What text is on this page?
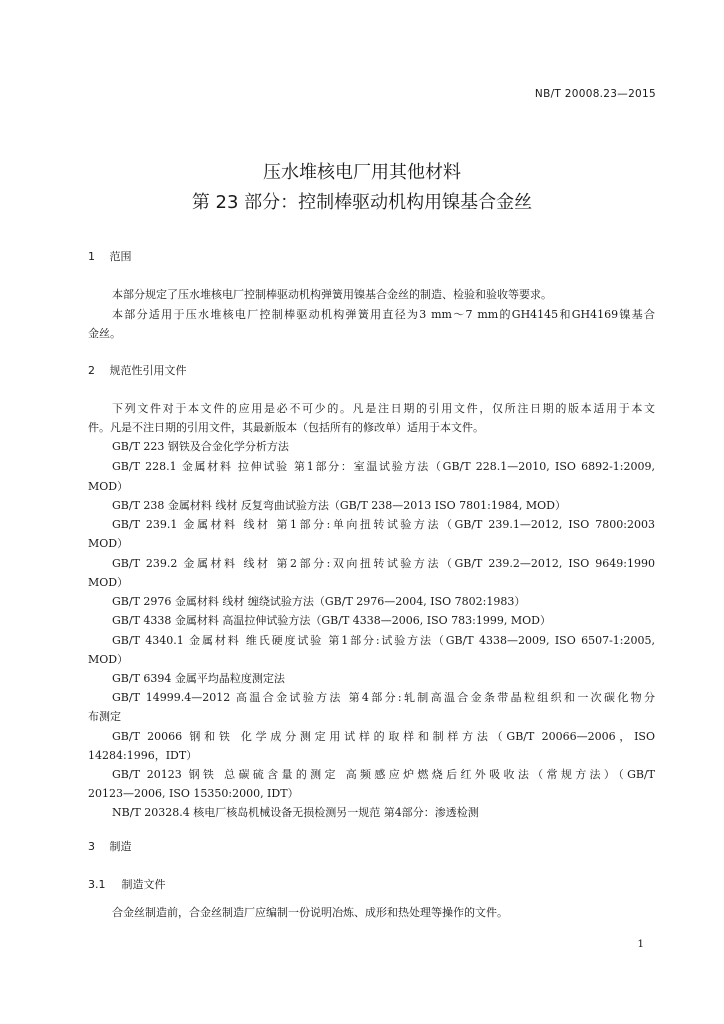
NB/T 20008.23—2015
压水堆核电厂用其他材料
第 23 部分：控制棒驱动机构用镍基合金丝
1 范围
本部分规定了压水堆核电厂控制棒驱动机构弹簧用镍基合金丝的制造、检验和验收等要求。
本部分适用于压水堆核电厂控制棒驱动机构弹簧用直径为3 mm～7 mm的GH4145和GH4169镍基合
金丝。
2 规范性引用文件
下列文件对于本文件的应用是必不可少的。凡是注日期的引用文件，仅所注日期的版本适用于本文
件。凡是不注日期的引用文件，其最新版本（包括所有的修改单）适用于本文件。
GB/T 223 钢铁及合金化学分析方法
GB/T 228.1 金属材料 拉伸试验 第1部分：室温试验方法（GB/T 228.1—2010, ISO 6892-1:2009,
MOD）
GB/T 238 金属材料 线材 反复弯曲试验方法（GB/T 238—2013 ISO 7801:1984, MOD）
GB/T 239.1 金属材料 线材 第1部分:单向扭转试验方法（GB/T 239.1—2012, ISO 7800:2003
MOD）
GB/T 239.2 金属材料 线材 第2部分:双向扭转试验方法（GB/T 239.2—2012, ISO 9649:1990
MOD）
GB/T 2976 金属材料 线材 缠绕试验方法（GB/T 2976—2004, ISO 7802:1983）
GB/T 4338 金属材料 高温拉伸试验方法（GB/T 4338—2006, ISO 783:1999, MOD）
GB/T 4340.1 金属材料 维氏硬度试验 第1部分:试验方法（GB/T 4338—2009, ISO 6507-1:2005,
MOD）
GB/T 6394 金属平均晶粒度测定法
GB/T 14999.4—2012 高温合金试验方法 第4部分:轧制高温合金条带晶粒组织和一次碳化物分
布测定
GB/T 20066 钢和铁 化学成分测定用试样的取样和制样方法（GB/T 20066—2006，ISO
14284:1996，IDT）
GB/T 20123 钢铁 总碳硫含量的测定 高频感应炉燃烧后红外吸收法（常规方法）（GB/T
20123—2006, ISO 15350:2000, IDT）
NB/T 20328.4 核电厂核岛机械设备无损检测另一规范 第4部分：渗透检测
3 制造
3.1 制造文件
合金丝制造前，合金丝制造厂应编制一份说明冶炼、成形和热处理等操作的文件。
1
